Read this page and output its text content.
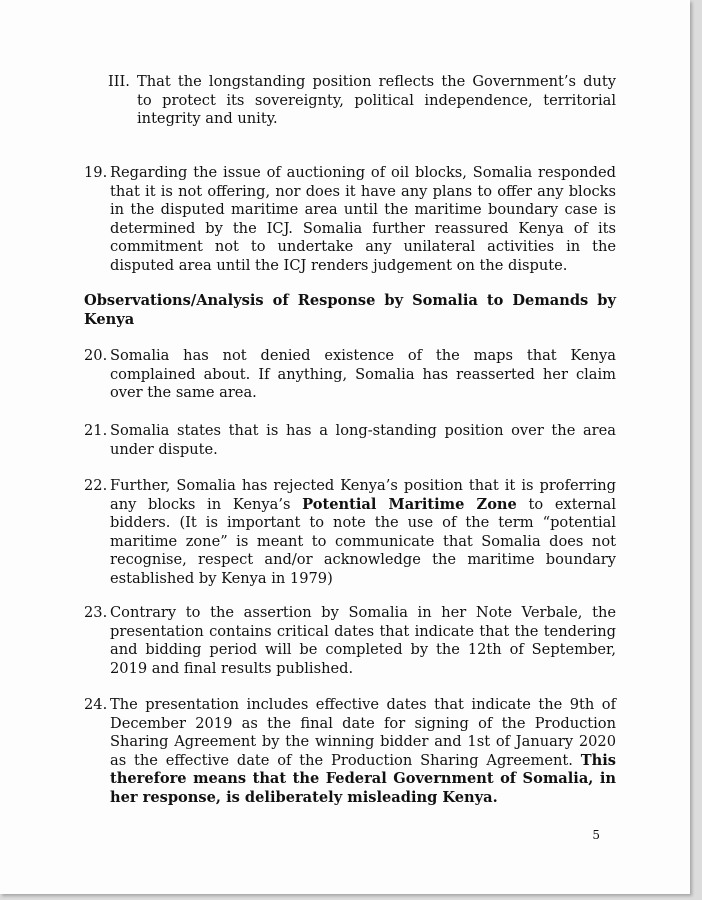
III. That the longstanding position reflects the Government’s duty to protect its sovereignty, political independence, territorial integrity and unity.
19. Regarding the issue of auctioning of oil blocks, Somalia responded that it is not offering, nor does it have any plans to offer any blocks in the disputed maritime area until the maritime boundary case is determined by the ICJ. Somalia further reassured Kenya of its commitment not to undertake any unilateral activities in the disputed area until the ICJ renders judgement on the dispute.
Observations/Analysis of Response by Somalia to Demands by Kenya
20. Somalia has not denied existence of the maps that Kenya complained about. If anything, Somalia has reasserted her claim over the same area.
21. Somalia states that is has a long-standing position over the area under dispute.
22. Further, Somalia has rejected Kenya’s position that it is proferring any blocks in Kenya’s Potential Maritime Zone to external bidders. (It is important to note the use of the term “potential maritime zone” is meant to communicate that Somalia does not recognise, respect and/or acknowledge the maritime boundary established by Kenya in 1979)
23. Contrary to the assertion by Somalia in her Note Verbale, the presentation contains critical dates that indicate that the tendering and bidding period will be completed by the 12th of September, 2019 and final results published.
24. The presentation includes effective dates that indicate the 9th of December 2019 as the final date for signing of the Production Sharing Agreement by the winning bidder and 1st of January 2020 as the effective date of the Production Sharing Agreement. This therefore means that the Federal Government of Somalia, in her response, is deliberately misleading Kenya.
5
